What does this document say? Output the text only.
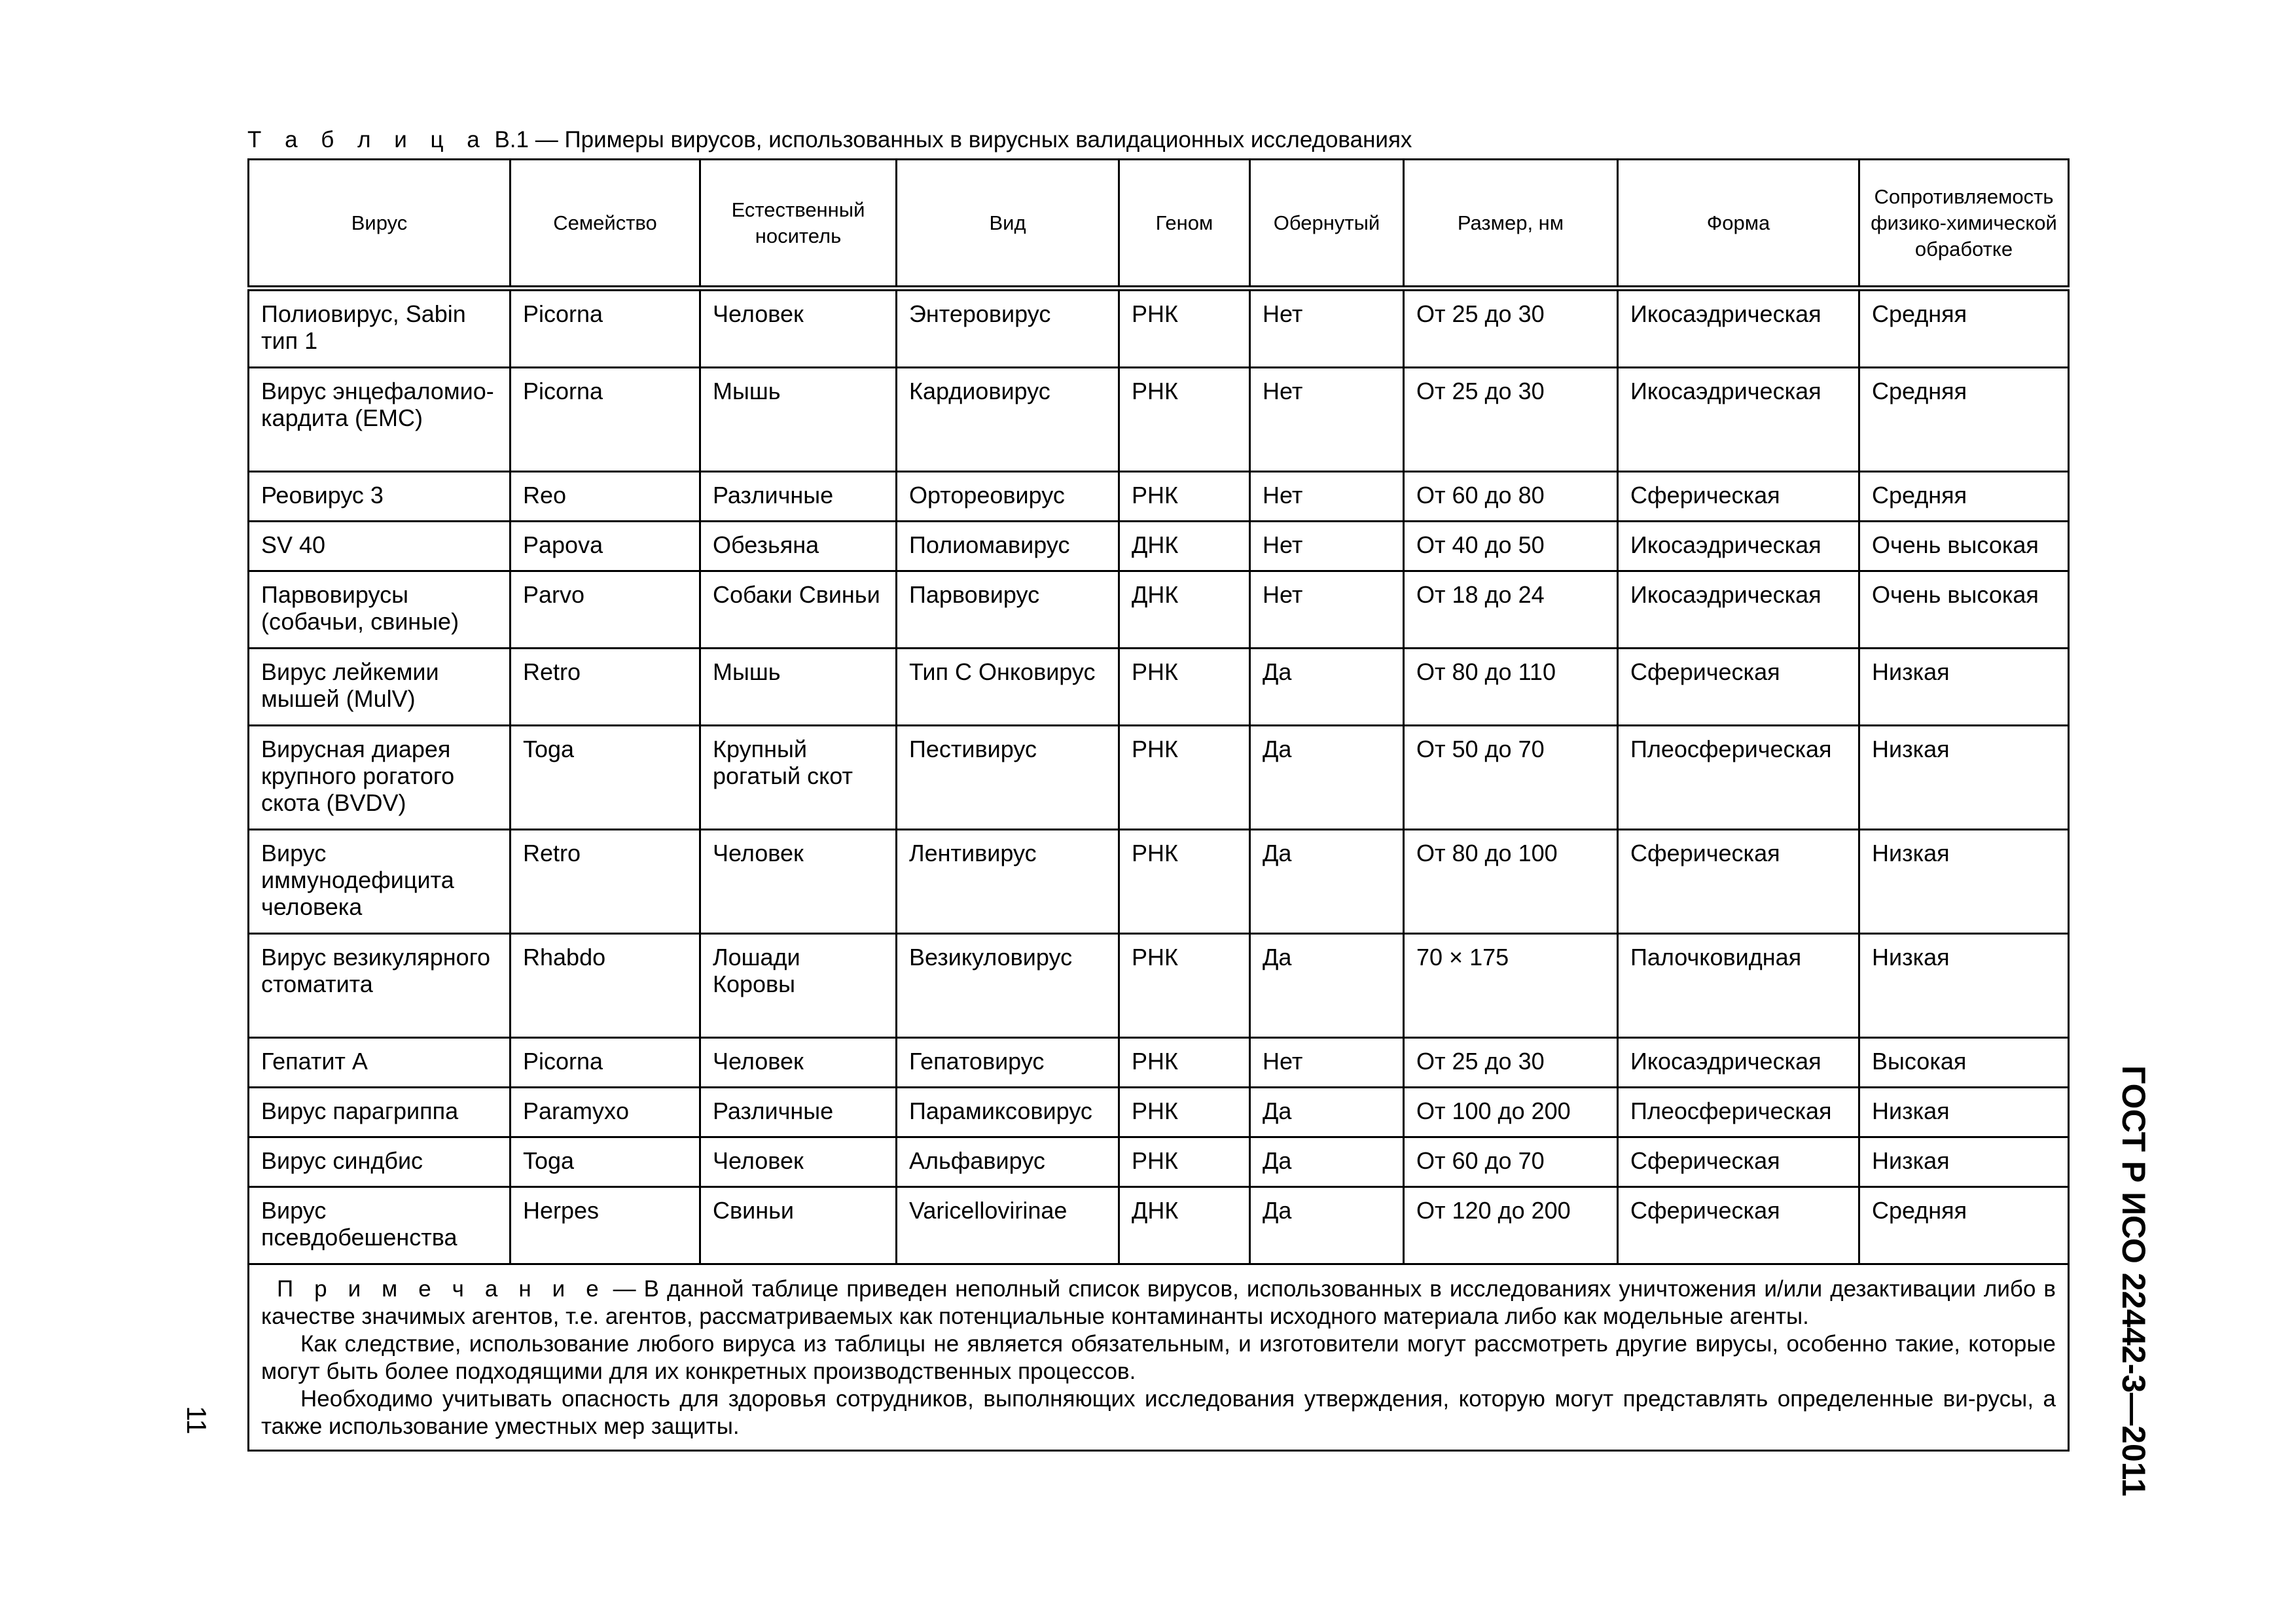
Т а б л и ц а В.1 — Примеры вирусов, использованных в вирусных валидационных исследованиях
Вирус	Семейство	Естественный носитель	Вид	Геном	Обернутый	Размер, нм	Форма	Сопротивляемость физико-химической обработке
Полиовирус, Sabin тип 1	Picorna	Человек	Энтеровирус	РНК	Нет	От 25 до 30	Икосаэдрическая	Средняя
Вирус энцефаломио-кардита (ЕМС)	Picorna	Мышь	Кардиовирус	РНК	Нет	От 25 до 30	Икосаэдрическая	Средняя
Реовирус 3	Reo	Различные	Ортореовирус	РНК	Нет	От 60 до 80	Сферическая	Средняя
SV 40	Papova	Обезьяна	Полиомавирус	ДНК	Нет	От 40 до 50	Икосаэдрическая	Очень высокая
Парвовирусы (собачьи, свиные)	Parvo	Собаки Свиньи	Парвовирус	ДНК	Нет	От 18 до 24	Икосаэдрическая	Очень высокая
Вирус лейкемии мышей (MulV)	Retro	Мышь	Тип С Онковирус	РНК	Да	От 80 до 110	Сферическая	Низкая
Вирусная диарея крупного рогатого скота (BVDV)	Toga	Крупный рогатый скот	Пестивирус	РНК	Да	От 50 до 70	Плеосферическая	Низкая
Вирус иммунодефицита человека	Retro	Человек	Лентивирус	РНК	Да	От 80 до 100	Сферическая	Низкая
Вирус везикулярного стоматита	Rhabdo	Лошади Коровы	Везикуловирус	РНК	Да	70 × 175	Палочковидная	Низкая
Гепатит А	Picorna	Человек	Гепатовирус	РНК	Нет	От 25 до 30	Икосаэдрическая	Высокая
Вирус парагриппа	Paramyxo	Различные	Парамиксовирус	РНК	Да	От 100 до 200	Плеосферическая	Низкая
Вирус синдбис	Toga	Человек	Альфавирус	РНК	Да	От 60 до 70	Сферическая	Низкая
Вирус псевдобешенства	Herpes	Свиньи	Varicellovirinae	ДНК	Да	От 120 до 200	Сферическая	Средняя

П р и м е ч а н и е — В данной таблице приведен неполный список вирусов, использованных в исследованиях уничтожения и/или дезактивации либо в качестве значимых агентов, т.е. агентов, рассматриваемых как потенциальные контаминанты исходного материала либо как модельные агенты.

Как следствие, использование любого вируса из таблицы не является обязательным, и изготовители могут рассмотреть другие вирусы, особенно такие, которые могут быть более подходящими для их конкретных производственных процессов.

Необходимо учитывать опасность для здоровья сотрудников, выполняющих исследования утверждения, которую могут представлять определенные ви-русы, а также использование уместных мер защиты.									ГОСТ Р ИСО 22442-3—2011
11
